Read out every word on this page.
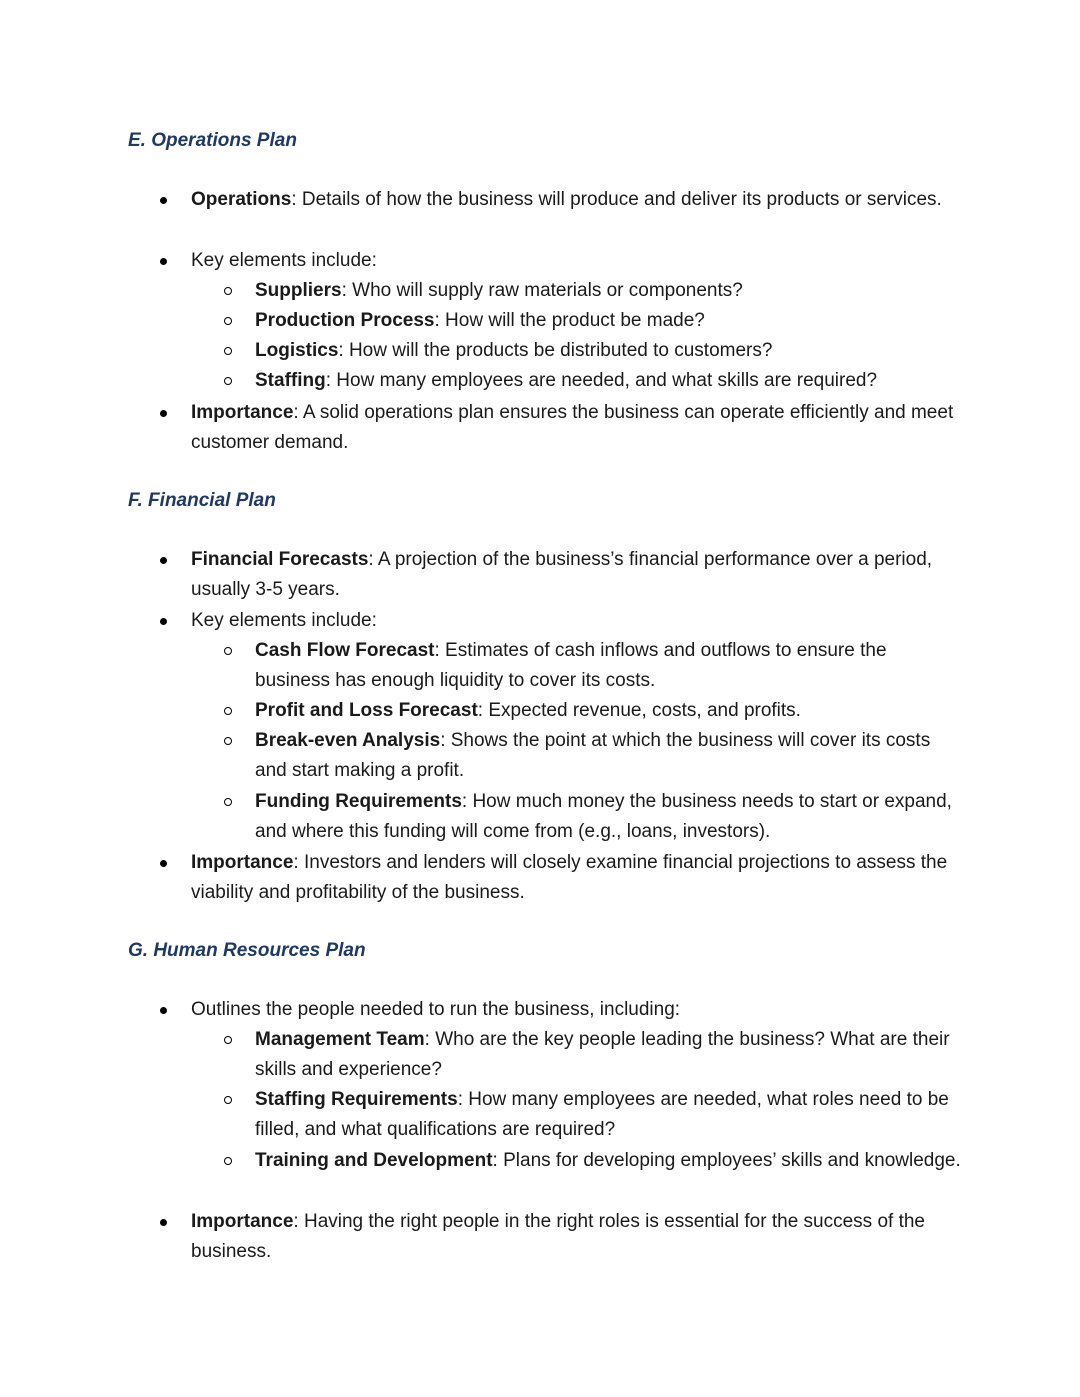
E. Operations Plan
Operations: Details of how the business will produce and deliver its products or services.
Key elements include:
Suppliers: Who will supply raw materials or components?
Production Process: How will the product be made?
Logistics: How will the products be distributed to customers?
Staffing: How many employees are needed, and what skills are required?
Importance: A solid operations plan ensures the business can operate efficiently and meet customer demand.
F. Financial Plan
Financial Forecasts: A projection of the business’s financial performance over a period, usually 3-5 years.
Key elements include:
Cash Flow Forecast: Estimates of cash inflows and outflows to ensure the business has enough liquidity to cover its costs.
Profit and Loss Forecast: Expected revenue, costs, and profits.
Break-even Analysis: Shows the point at which the business will cover its costs and start making a profit.
Funding Requirements: How much money the business needs to start or expand, and where this funding will come from (e.g., loans, investors).
Importance: Investors and lenders will closely examine financial projections to assess the viability and profitability of the business.
G. Human Resources Plan
Outlines the people needed to run the business, including:
Management Team: Who are the key people leading the business? What are their skills and experience?
Staffing Requirements: How many employees are needed, what roles need to be filled, and what qualifications are required?
Training and Development: Plans for developing employees’ skills and knowledge.
Importance: Having the right people in the right roles is essential for the success of the business.
